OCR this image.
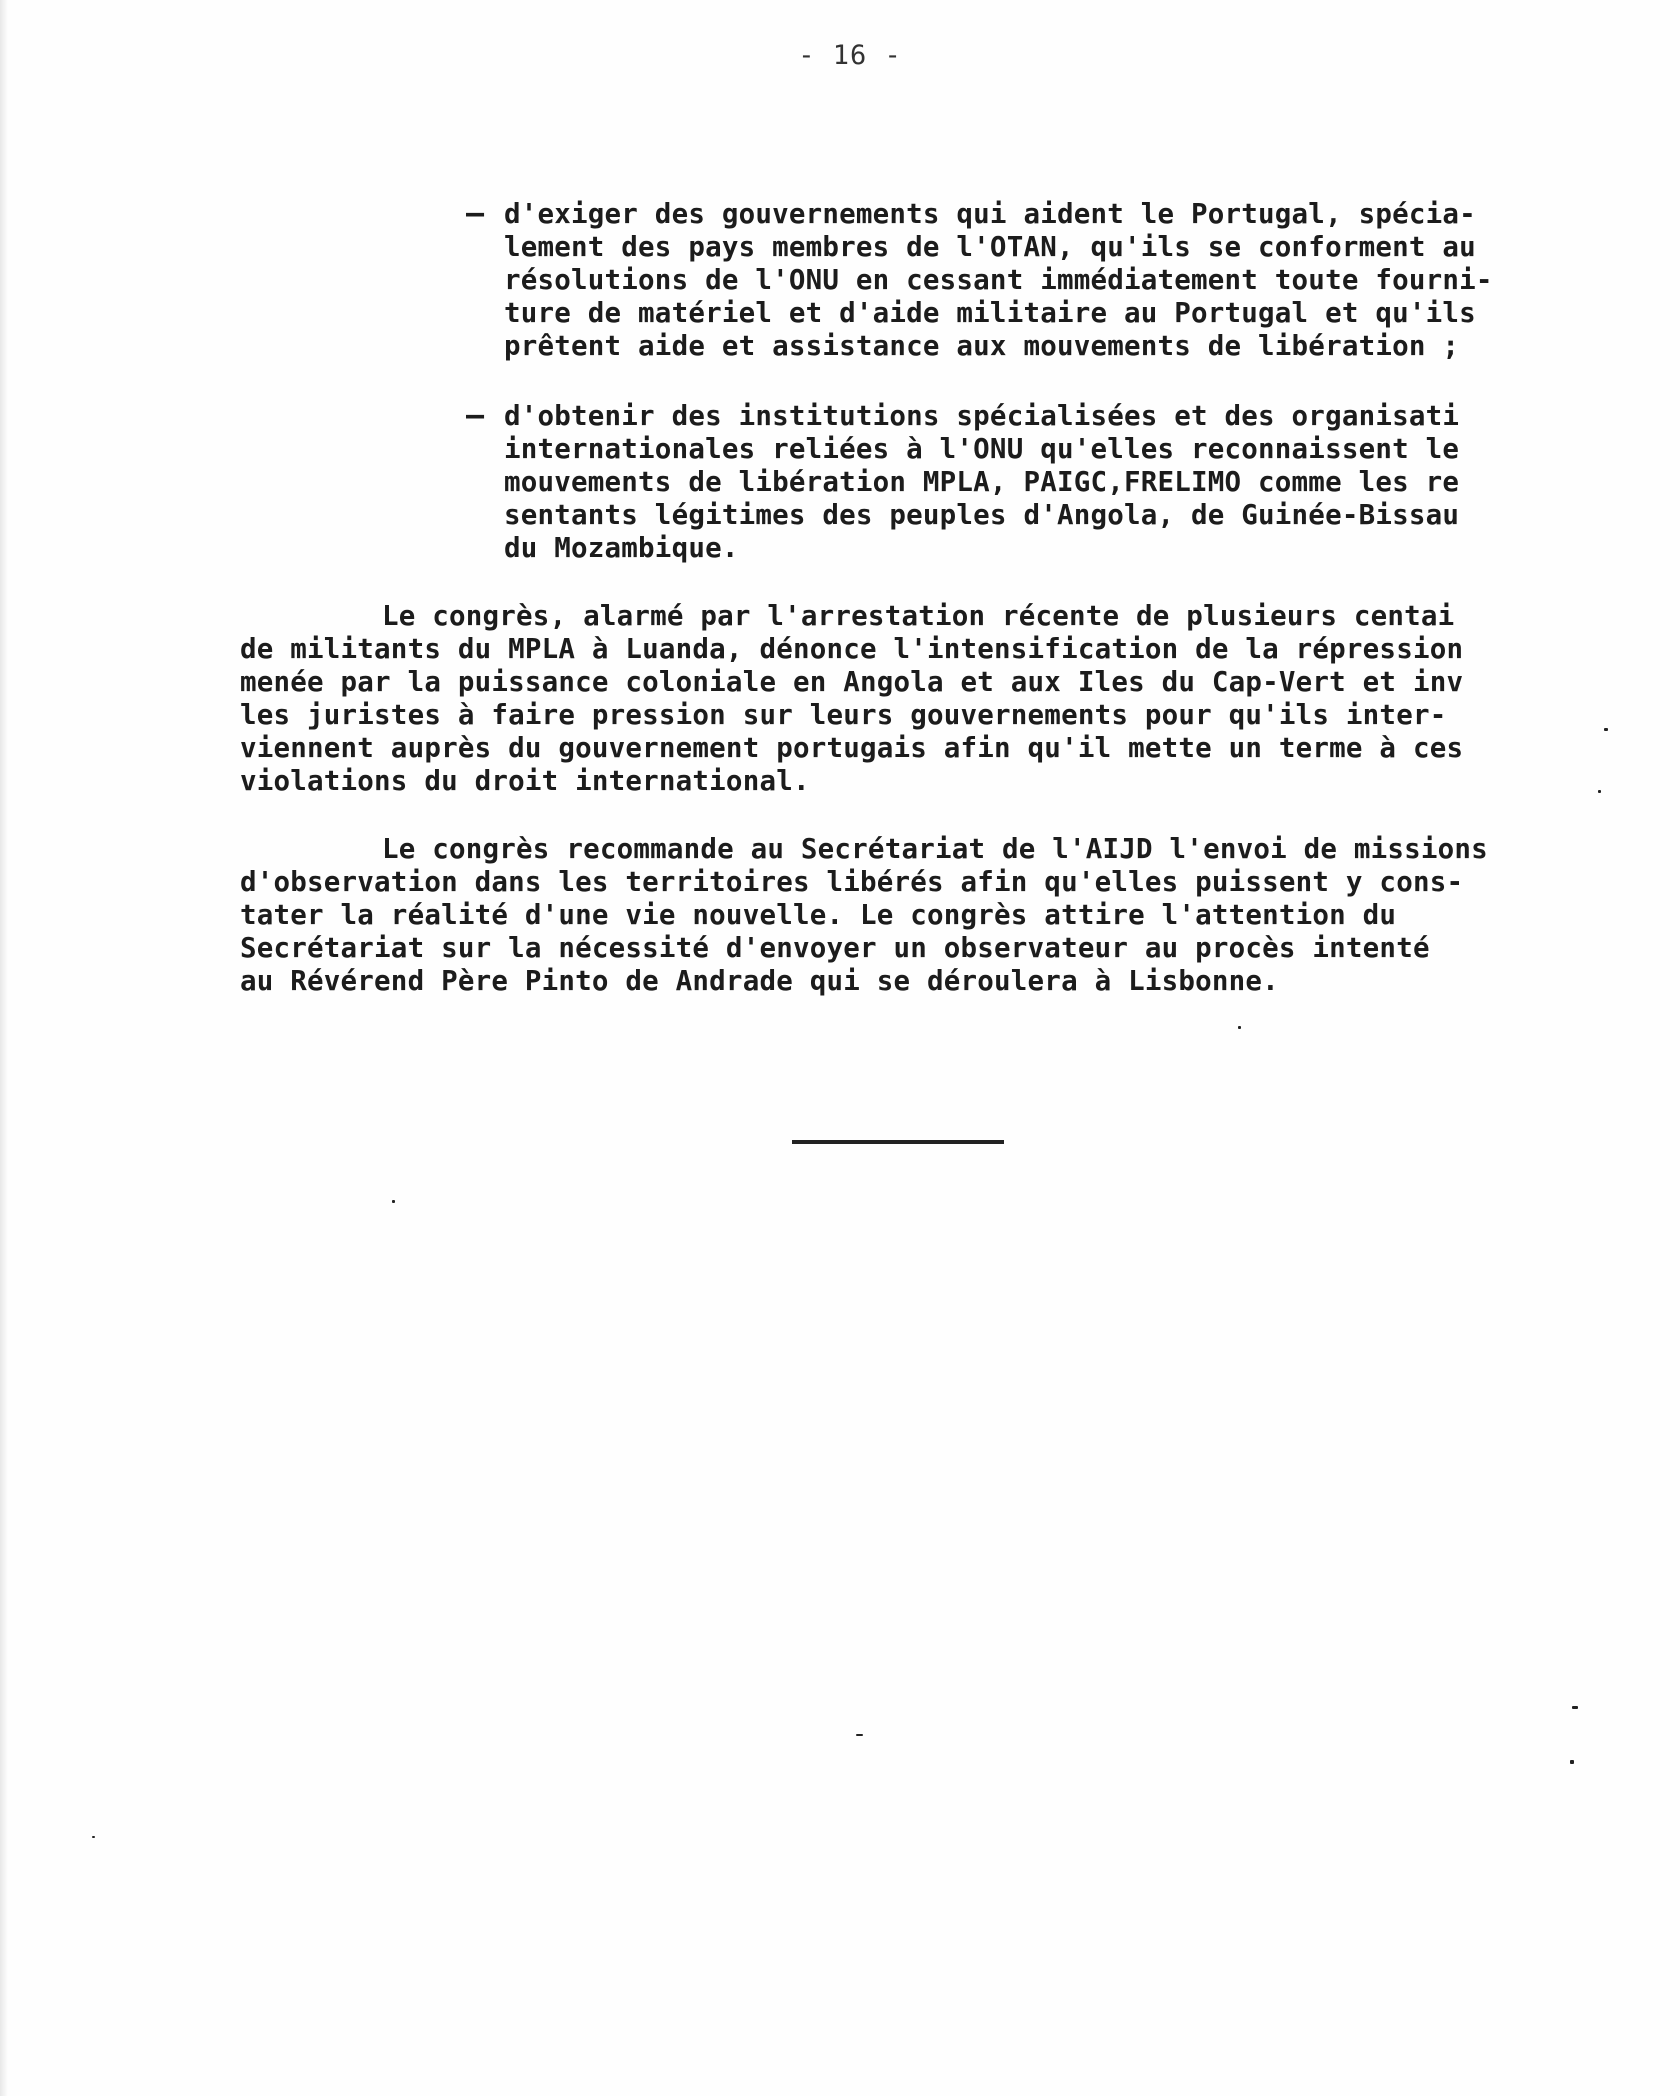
- 16 -
– d'exiger des gouvernements qui aident le Portugal, spécia-
lement des pays membres de l'OTAN, qu'ils se conforment au
résolutions de l'ONU en cessant immédiatement toute fourni-
ture de matériel et d'aide militaire au Portugal et qu'ils
prêtent aide et assistance aux mouvements de libération ;
– d'obtenir des institutions spécialisées et des organisati
internationales reliées à l'ONU qu'elles reconnaissent le
mouvements de libération MPLA, PAIGC,FRELIMO comme les re
sentants légitimes des peuples d'Angola, de Guinée-Bissau
du Mozambique.
Le congrès, alarmé par l'arrestation récente de plusieurs centai
de militants du MPLA à Luanda, dénonce l'intensification de la répression
menée par la puissance coloniale en Angola et aux Iles du Cap-Vert et inv
les juristes à faire pression sur leurs gouvernements pour qu'ils inter-
viennent auprès du gouvernement portugais afin qu'il mette un terme à ces
violations du droit international.
Le congrès recommande au Secrétariat de l'AIJD l'envoi de missions
d'observation dans les territoires libérés afin qu'elles puissent y cons-
tater la réalité d'une vie nouvelle. Le congrès attire l'attention du
Secrétariat sur la nécessité d'envoyer un observateur au procès intenté
au Révérend Père Pinto de Andrade qui se déroulera à Lisbonne.
